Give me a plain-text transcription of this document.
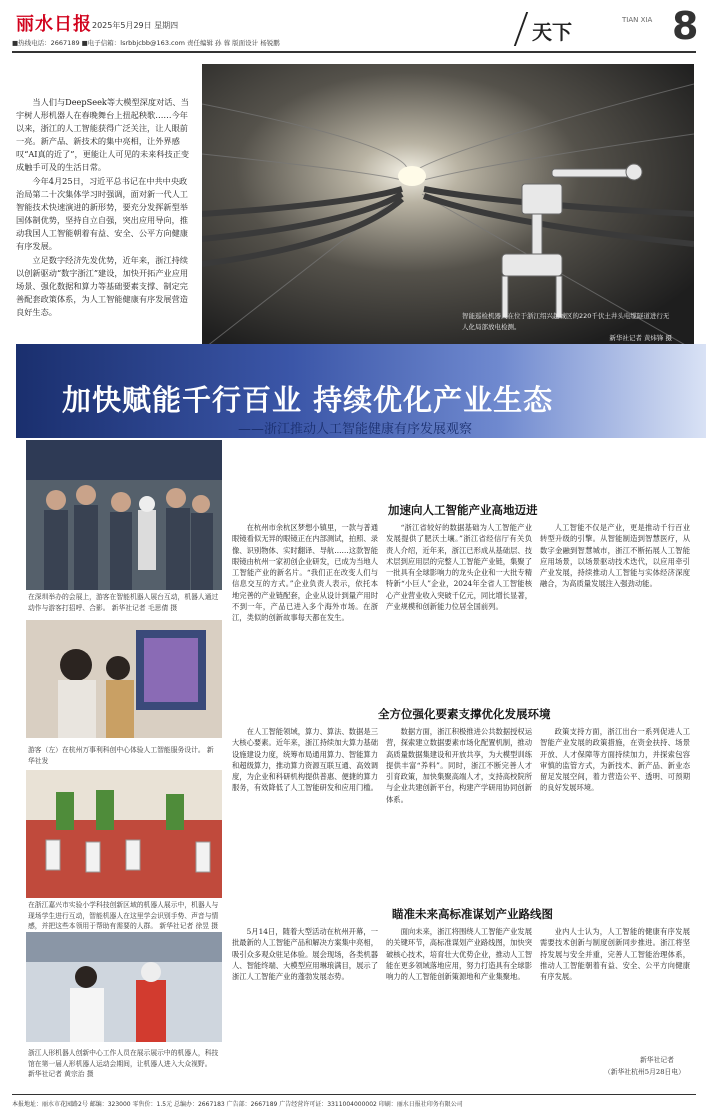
丽水日报 2025年5月29日 星期四
■热线电话：2667189 ■电子信箱：lsrbbjcbb@163.com 责任编辑 孙 蓉 版面设计 杨锐鹏	天下	TIAN XIA 8

当人们与DeepSeek等大模型深度对话、当宇树人形机器人在春晚舞台上扭起秧歌……今年以来，浙江的人工智能获得广泛关注，让人眼前一亮。新产品、新技术的集中亮相，让外界感叹“AI真的近了”，更能让人可见的未来科技正变成触手可及的生活日常。

今年4月25日，习近平总书记在中共中央政治局第二十次集体学习时强调，面对新一代人工智能技术快速演进的新形势，要充分发挥新型举国体制优势，坚持自立自强，突出应用导向，推动我国人工智能朝着有益、安全、公平方向健康有序发展。

立足数字经济先发优势，近年来，浙江持续以创新驱动“数字浙江”建设，加快开拓产业应用场景、强化数据和算力等基础要素支撑、制定完善配套政策体系，为人工智能健康有序发展营造良好生态。	智能巡检机器人在位于浙江绍兴越城区的220千伏土井头电缆隧道进行无人化局部放电检测。
新华社记者 黄炜锋 摄
加快赋能千行百业 持续优化产业生态
——浙江推动人工智能健康有序发展观察
在深圳举办的会展上，游客在智能机器人展台互动，机器人通过动作与游客打招呼、合影。 新华社记者 毛思倩 摄
游客（左）在杭州万事利科创中心体验人工智能服务设计。 新华社发
在浙江嘉兴市实验小学科技创新区域的机器人展示中，机器人与现场学生进行互动，智能机器人在这里学会识别手势、声音与情感，并把这些本领用于帮助有需要的人群。 新华社记者 徐昱 摄
浙江人形机器人创新中心工作人员在展示展示中的机器人，科技馆在第一届人形机器人运动会期间，让机器人进入大众视野。 新华社记者 黄宗治 摄
加速向人工智能产业高地迈进

在杭州市余杭区梦想小镇里，一款与普通眼镜看似无异的眼镜正在内部测试，拍照、录像、识别物体、实时翻译、导航……这款智能眼镜由杭州一家初创企业研发，已成为当地人工智能产业的新名片。“我们正在改变人们与信息交互的方式。”企业负责人表示，依托本地完善的产业链配套，企业从设计到量产用时不到一年，产品已进入多个海外市场。在浙江，类似的创新故事每天都在发生。

“浙江省较好的数据基础为人工智能产业发展提供了肥沃土壤。”浙江省经信厅有关负责人介绍，近年来，浙江已形成从基础层、技术层到应用层的完整人工智能产业链，集聚了一批具有全球影响力的龙头企业和一大批专精特新“小巨人”企业，2024年全省人工智能核心产业营业收入突破千亿元，同比增长显著，产业规模和创新能力位居全国前列。

人工智能不仅是产业，更是推动千行百业转型升级的引擎。从智能制造到智慧医疗，从数字金融到智慧城市，浙江不断拓展人工智能应用场景，以场景驱动技术迭代，以应用牵引产业发展，持续推动人工智能与实体经济深度融合，为高质量发展注入强劲动能。

全方位强化要素支撑优化发展环境

在人工智能领域，算力、算法、数据是三大核心要素。近年来，浙江持续加大算力基础设施建设力度，统筹布局通用算力、智能算力和超级算力，推动算力资源互联互通、高效调度，为企业和科研机构提供普惠、便捷的算力服务，有效降低了人工智能研发和应用门槛。

数据方面，浙江积极推进公共数据授权运营，探索建立数据要素市场化配置机制，推动高质量数据集建设和开放共享，为大模型训练提供丰富“养料”。同时，浙江不断完善人才引育政策，加快集聚高端人才，支持高校院所与企业共建创新平台，构建产学研用协同创新体系。

政策支持方面，浙江出台一系列促进人工智能产业发展的政策措施，在资金扶持、场景开放、人才保障等方面持续加力，并探索包容审慎的监管方式，为新技术、新产品、新业态留足发展空间，着力营造公平、透明、可预期的良好发展环境。

瞄准未来高标准谋划产业路线图

5月14日，随着大型活动在杭州开幕，一批最新的人工智能产品和解决方案集中亮相，吸引众多观众驻足体验。展会现场，各类机器人、智能终端、大模型应用琳琅满目，展示了浙江人工智能产业的蓬勃发展态势。

面向未来，浙江将围绕人工智能产业发展的关键环节，高标准谋划产业路线图，加快突破核心技术，培育壮大优势企业，推动人工智能在更多领域落地应用，努力打造具有全球影响力的人工智能创新策源地和产业集聚地。

业内人士认为，人工智能的健康有序发展需要技术创新与制度创新同步推进。浙江将坚持发展与安全并重，完善人工智能治理体系，推动人工智能朝着有益、安全、公平方向健康有序发展。

新华社记者
（新华社杭州5月28日电）
本报地址：丽水市花园路2号 邮编：323000 零售价：1.5元 总编办：2667183 广告部：2667189 广告经营许可证：3311004000002 印刷：丽水日报社印务有限公司
